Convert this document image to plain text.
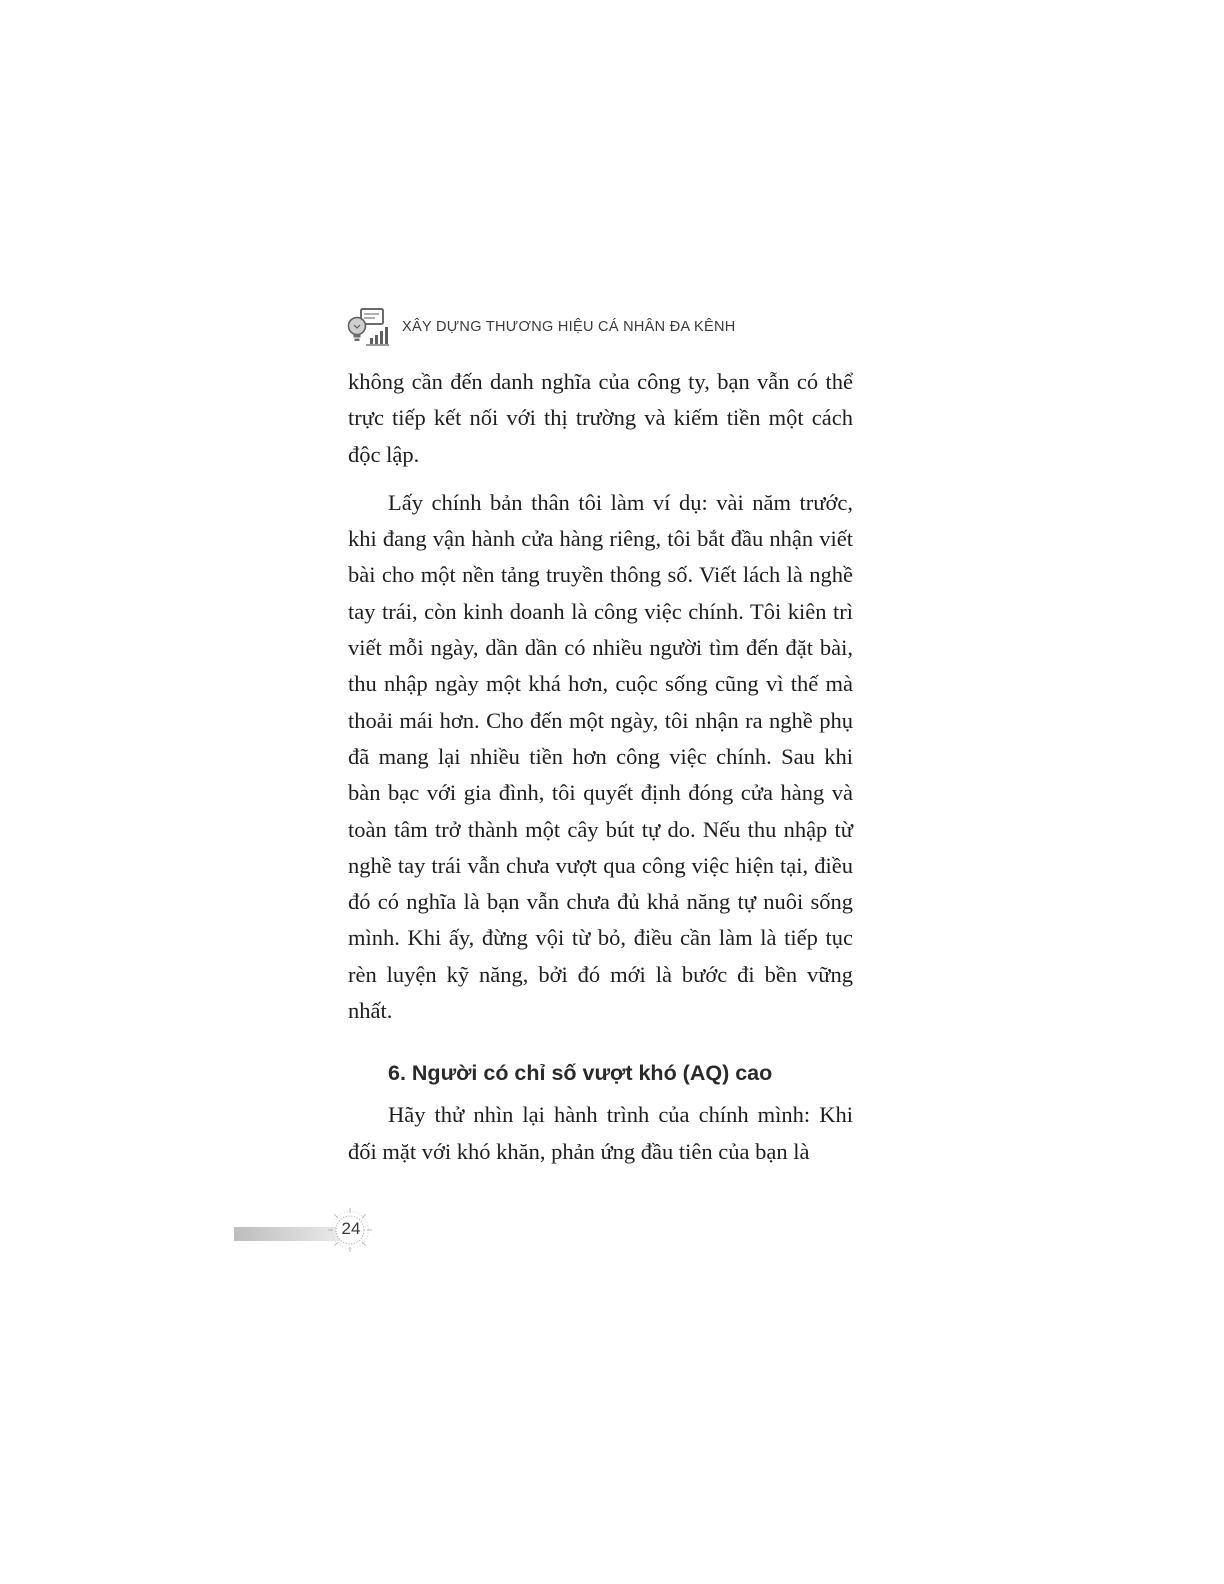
XÂY DỰNG THƯƠNG HIỆU CÁ NHÂN ĐA KÊNH

không cần đến danh nghĩa của công ty, bạn vẫn có thể trực tiếp kết nối với thị trường và kiếm tiền một cách độc lập.

Lấy chính bản thân tôi làm ví dụ: vài năm trước, khi đang vận hành cửa hàng riêng, tôi bắt đầu nhận viết bài cho một nền tảng truyền thông số. Viết lách là nghề tay trái, còn kinh doanh là công việc chính. Tôi kiên trì viết mỗi ngày, dần dần có nhiều người tìm đến đặt bài, thu nhập ngày một khá hơn, cuộc sống cũng vì thế mà thoải mái hơn. Cho đến một ngày, tôi nhận ra nghề phụ đã mang lại nhiều tiền hơn công việc chính. Sau khi bàn bạc với gia đình, tôi quyết định đóng cửa hàng và toàn tâm trở thành một cây bút tự do. Nếu thu nhập từ nghề tay trái vẫn chưa vượt qua công việc hiện tại, điều đó có nghĩa là bạn vẫn chưa đủ khả năng tự nuôi sống mình. Khi ấy, đừng vội từ bỏ, điều cần làm là tiếp tục rèn luyện kỹ năng, bởi đó mới là bước đi bền vững nhất.

6. Người có chỉ số vượt khó (AQ) cao

Hãy thử nhìn lại hành trình của chính mình: Khi đối mặt với khó khăn, phản ứng đầu tiên của bạn là

24
